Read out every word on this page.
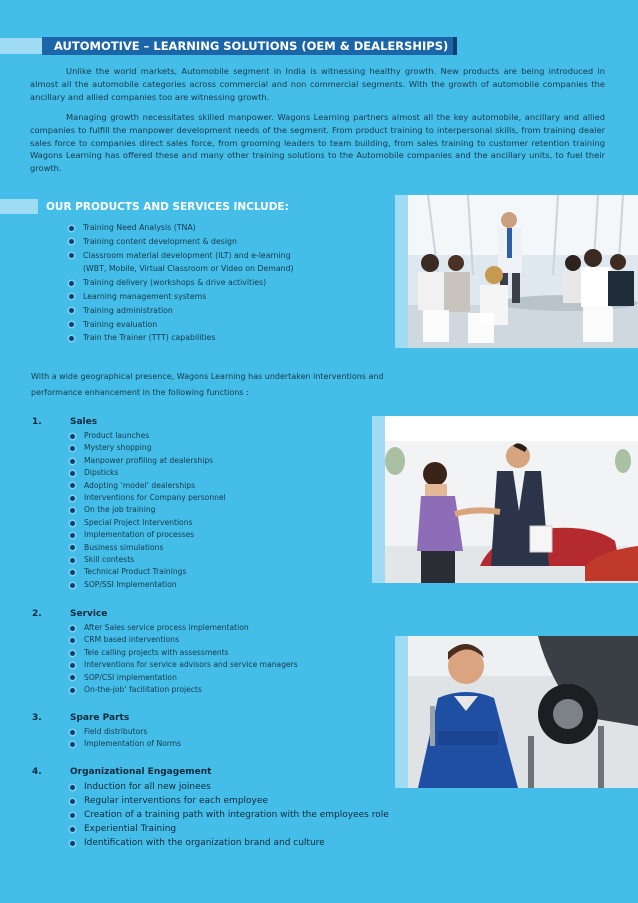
AUTOMOTIVE – LEARNING SOLUTIONS (OEM & DEALERSHIPS)

Unlike the world markets, Automobile segment in India is witnessing healthy growth. New products are being introduced in almost all the automobile categories across commercial and non commercial segments. With the growth of automobile companies the ancillary and allied companies too are witnessing growth.

Managing growth necessitates skilled manpower. Wagons Learning partners almost all the key automobile, ancillary and allied companies to fulfill the manpower development needs of the segment. From product training to interpersonal skills, from training dealer sales force to companies direct sales force, from grooming leaders to team building, from sales training to customer retention training Wagons Learning has offered these and many other training solutions to the Automobile companies and the ancillary units, to fuel their growth.

OUR PRODUCTS AND SERVICES INCLUDE:
Training Need Analysis (TNA)
Training content development & design
Classroom material development (ILT) and e-learning
(WBT, Mobile, Virtual Classroom or Video on Demand)
Training delivery (workshops & drive activities)
Learning management systems
Training administration
Training evaluation
Train the Trainer (TTT) capabilities
With a wide geographical presence, Wagons Learning has undertaken interventions and
performance enhancement in the following functions :
1.	Sales
Product launches
Mystery shopping
Manpower profiling at dealerships
Dipsticks
Adopting ‘model’ dealerships
Interventions for Company personnel
On the job training
Special Project Interventions
Implementation of processes
Business simulations
Skill contests
Technical Product Trainings
SOP/SSI Implementation
2.	Service
After Sales service process implementation
CRM based interventions
Tele calling projects with assessments
Interventions for service advisors and service managers
SOP/CSI implementation
On-the-job’ facilitation projects
3.	Spare Parts
Field distributors
Implementation of Norms
4.	Organizational Engagement
Induction for all new joinees
Regular interventions for each employee
Creation of a training path with integration with the employees role
Experiential Training
Identification with the organization brand and culture
